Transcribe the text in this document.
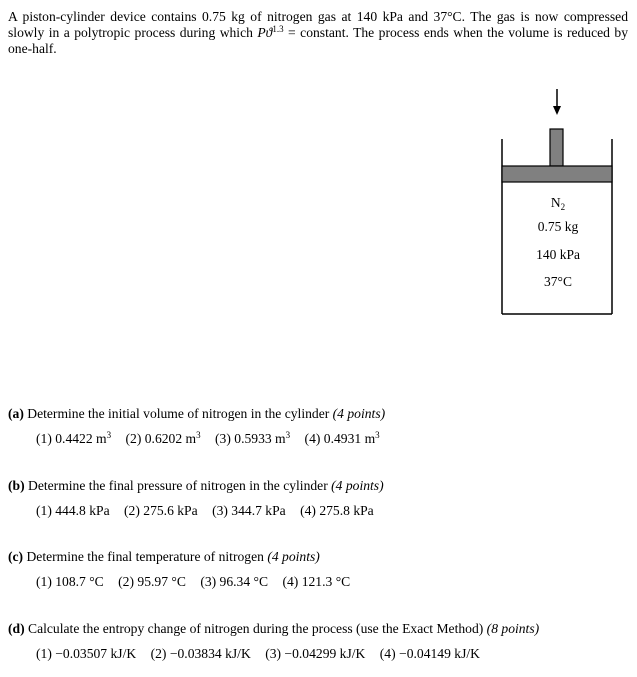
A piston-cylinder device contains 0.75 kg of nitrogen gas at 140 kPa and 37°C. The gas is now compressed slowly in a polytropic process during which $Pϑ^{1.3}$ = constant. The process ends when the volume is reduced by one-half.
$N_2$
0.75 kg
140 kPa
37°C
(a) Determine the initial volume of nitrogen in the cylinder (4 points)
(1) 0.4422 $m^3$ (2) 0.6202 $m^3$ (3) 0.5933 $m^3$ (4) 0.4931 $m^3$
(b) Determine the final pressure of nitrogen in the cylinder (4 points)
(1) 444.8 kPa (2) 275.6 kPa (3) 344.7 kPa (4) 275.8 kPa
(c) Determine the final temperature of nitrogen (4 points)
(1) 108.7 °C (2) 95.97 °C (3) 96.34 °C (4) 121.3 °C
(d) Calculate the entropy change of nitrogen during the process (use the Exact Method) (8 points)
(1) −0.03507 kJ/K (2) −0.03834 kJ/K (3) −0.04299 kJ/K (4) −0.04149 kJ/K
